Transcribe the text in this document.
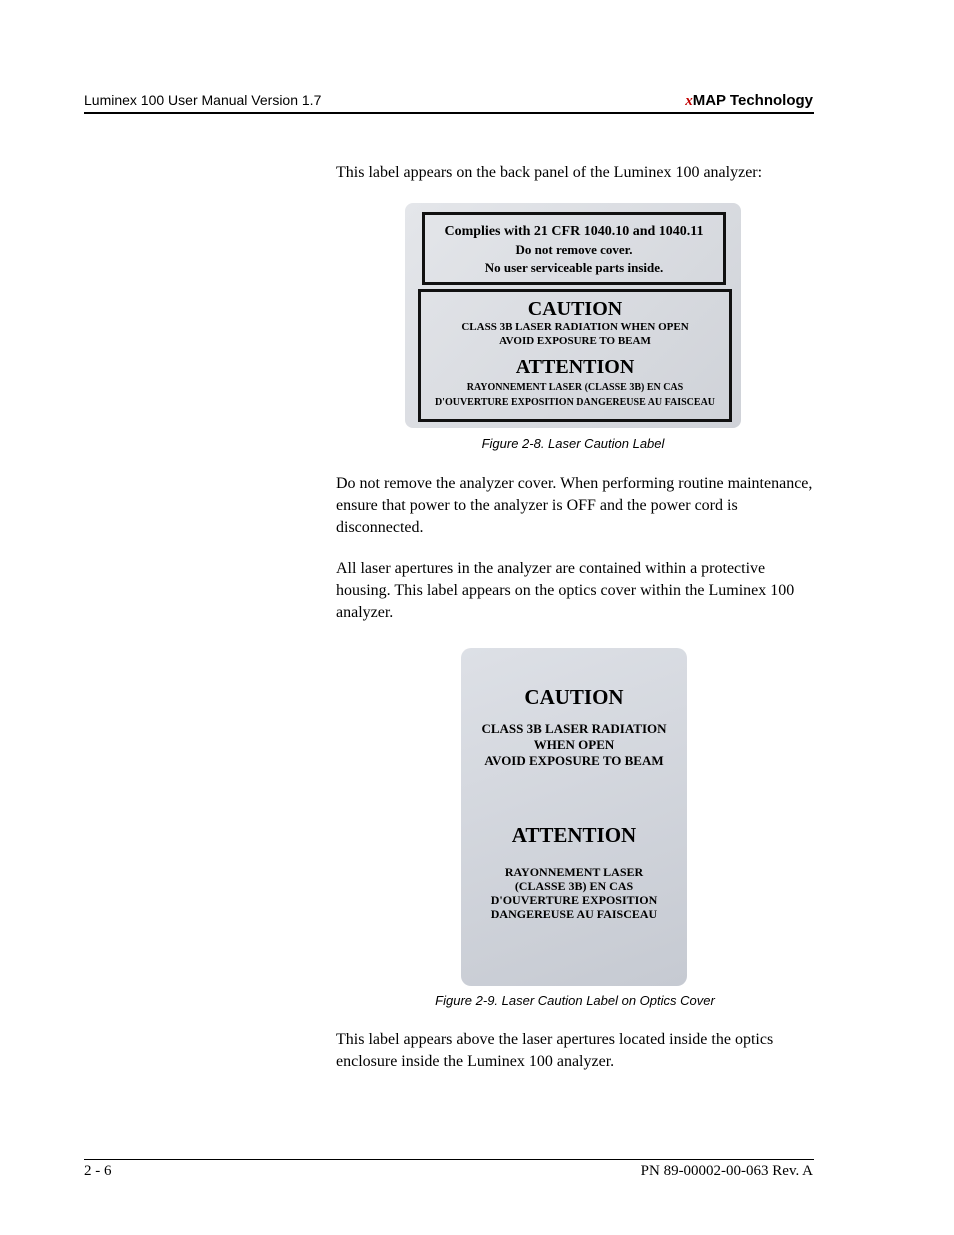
Luminex 100 User Manual Version 1.7	xMAP Technology
This label appears on the back panel of the Luminex 100 analyzer:
Complies with 21 CFR 1040.10 and 1040.11
Do not remove cover.
No user serviceable parts inside.
CAUTION
CLASS 3B LASER RADIATION WHEN OPEN
AVOID EXPOSURE TO BEAM
ATTENTION
RAYONNEMENT LASER (CLASSE 3B) EN CAS
D'OUVERTURE EXPOSITION DANGEREUSE AU FAISCEAU
Figure 2-8. Laser Caution Label
Do not remove the analyzer cover. When performing routine maintenance, ensure that power to the analyzer is OFF and the power cord is disconnected.
All laser apertures in the analyzer are contained within a protective housing. This label appears on the optics cover within the Luminex 100 analyzer.
CAUTION
CLASS 3B LASER RADIATION
WHEN OPEN
AVOID EXPOSURE TO BEAM
ATTENTION
RAYONNEMENT LASER
(CLASSE 3B) EN CAS
D'OUVERTURE EXPOSITION
DANGEREUSE AU FAISCEAU
Figure 2-9. Laser Caution Label on Optics Cover
This label appears above the laser apertures located inside the optics enclosure inside the Luminex 100 analyzer.
2 - 6	PN 89-00002-00-063 Rev. A
